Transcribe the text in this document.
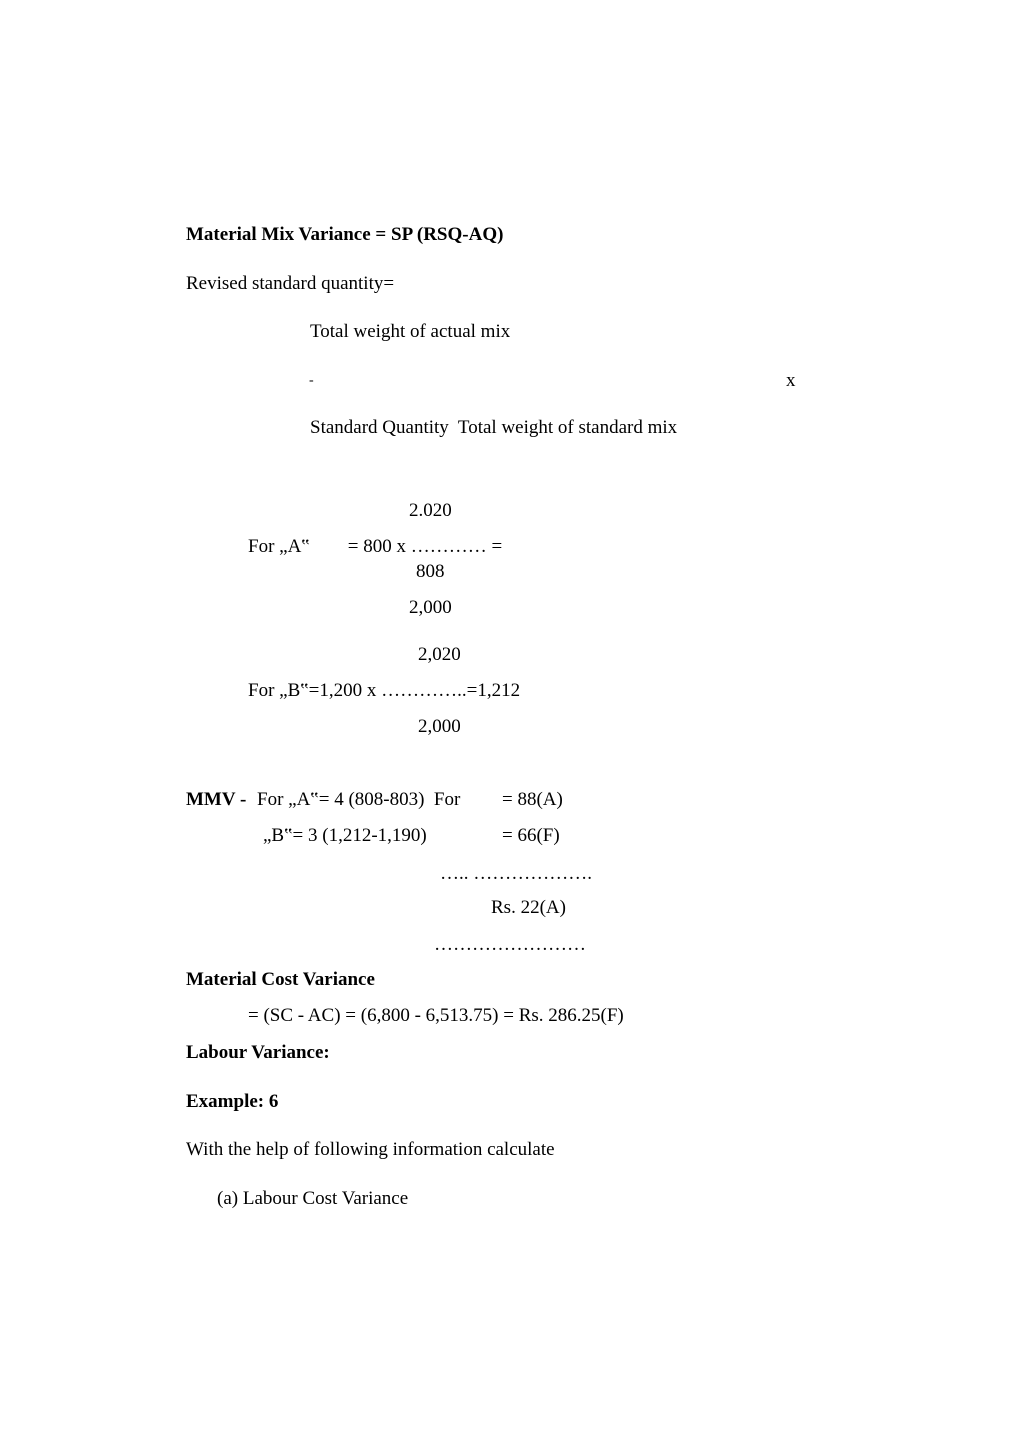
Material Mix Variance = SP (RSQ-AQ)
Revised standard quantity=
Total weight of actual mix
-	x
Standard Quantity  Total weight of standard mix
2.020
For „A‟        = 800 x ………… =
808
2,000
2,020
For „B‟=1,200 x …………..=1,212
2,000
MMV - For „A‟= 4 (808-803)  For = 88(A)
„B‟= 3 (1,212-1,190)	= 66(F)
….. ……………….
Rs. 22(A)
……………………
Material Cost Variance
= (SC - AC) = (6,800 - 6,513.75) = Rs. 286.25(F)
Labour Variance:
Example: 6
With the help of following information calculate
(a) Labour Cost Variance
